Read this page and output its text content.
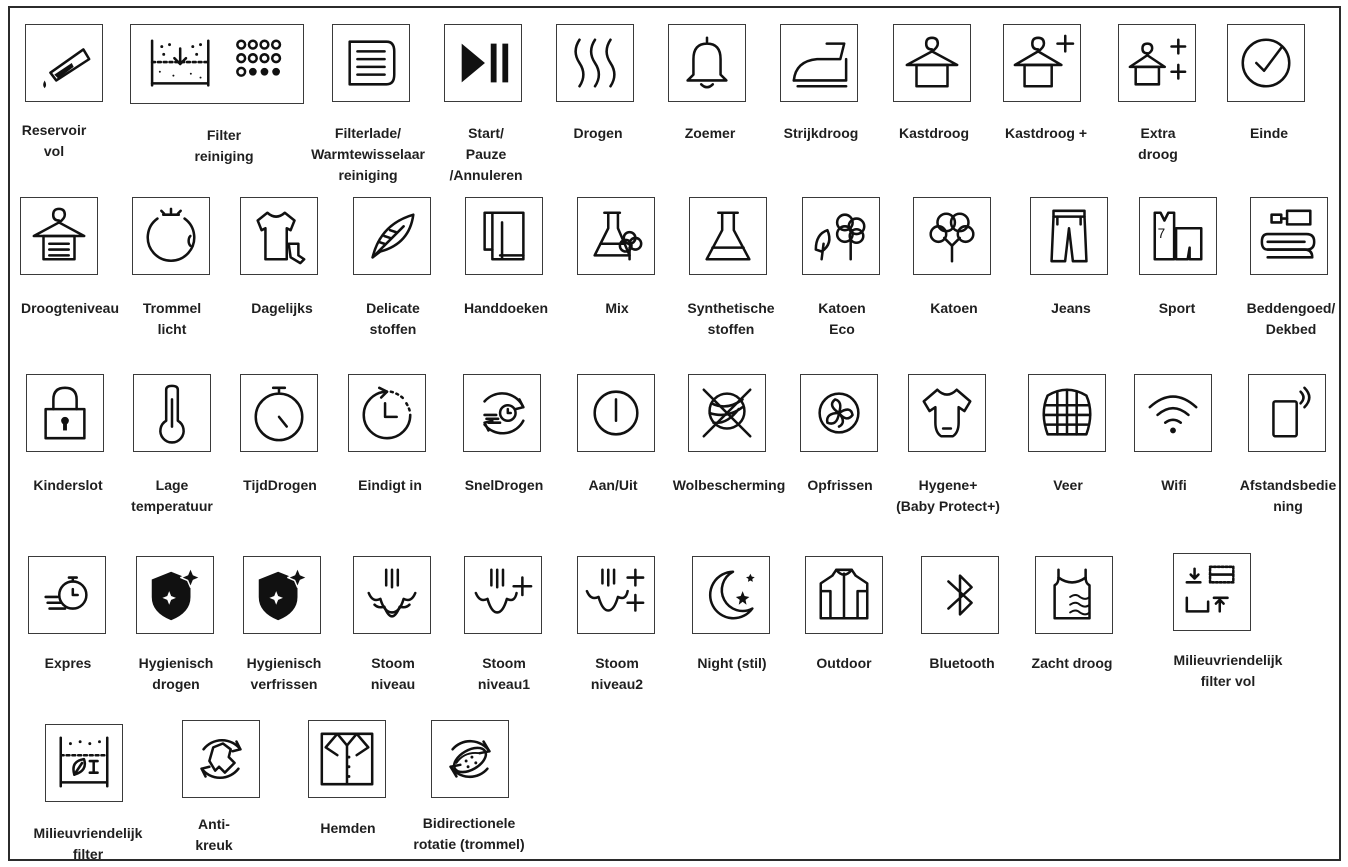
Reservoir
vol
Filter
reiniging
Filterlade/
Warmtewisselaar
reiniging
Start/
Pauze
/Annuleren
Drogen	Zoemer	Strijkdroog	Kastdroog	Kastdroog +	Extra
droog
Einde
Droogteniveau	Trommel
licht
Dagelijks	Delicate
stoffen
Handdoeken	Mix	Synthetische
stoffen
Katoen
Eco
Katoen	Jeans
7
Sport	Beddengoed/
Dekbed
Kinderslot	Lage
temperatuur
TijdDrogen	Eindigt in	SnelDrogen	Aan/Uit	Wolbescherming	Opfrissen	Hygene+
(Baby Protect+)
Veer	Wifi	Afstandsbedie
ning
Expres	Hygienisch
drogen
Hygienisch
verfrissen
Stoom
niveau
Stoom
niveau1
Stoom
niveau2
Night (stil)	Outdoor	Bluetooth	Zacht droog	Milieuvriendelijk
filter vol
Milieuvriendelijk
filter
Anti-
kreuk
Hemden	Bidirectionele
rotatie (trommel)
